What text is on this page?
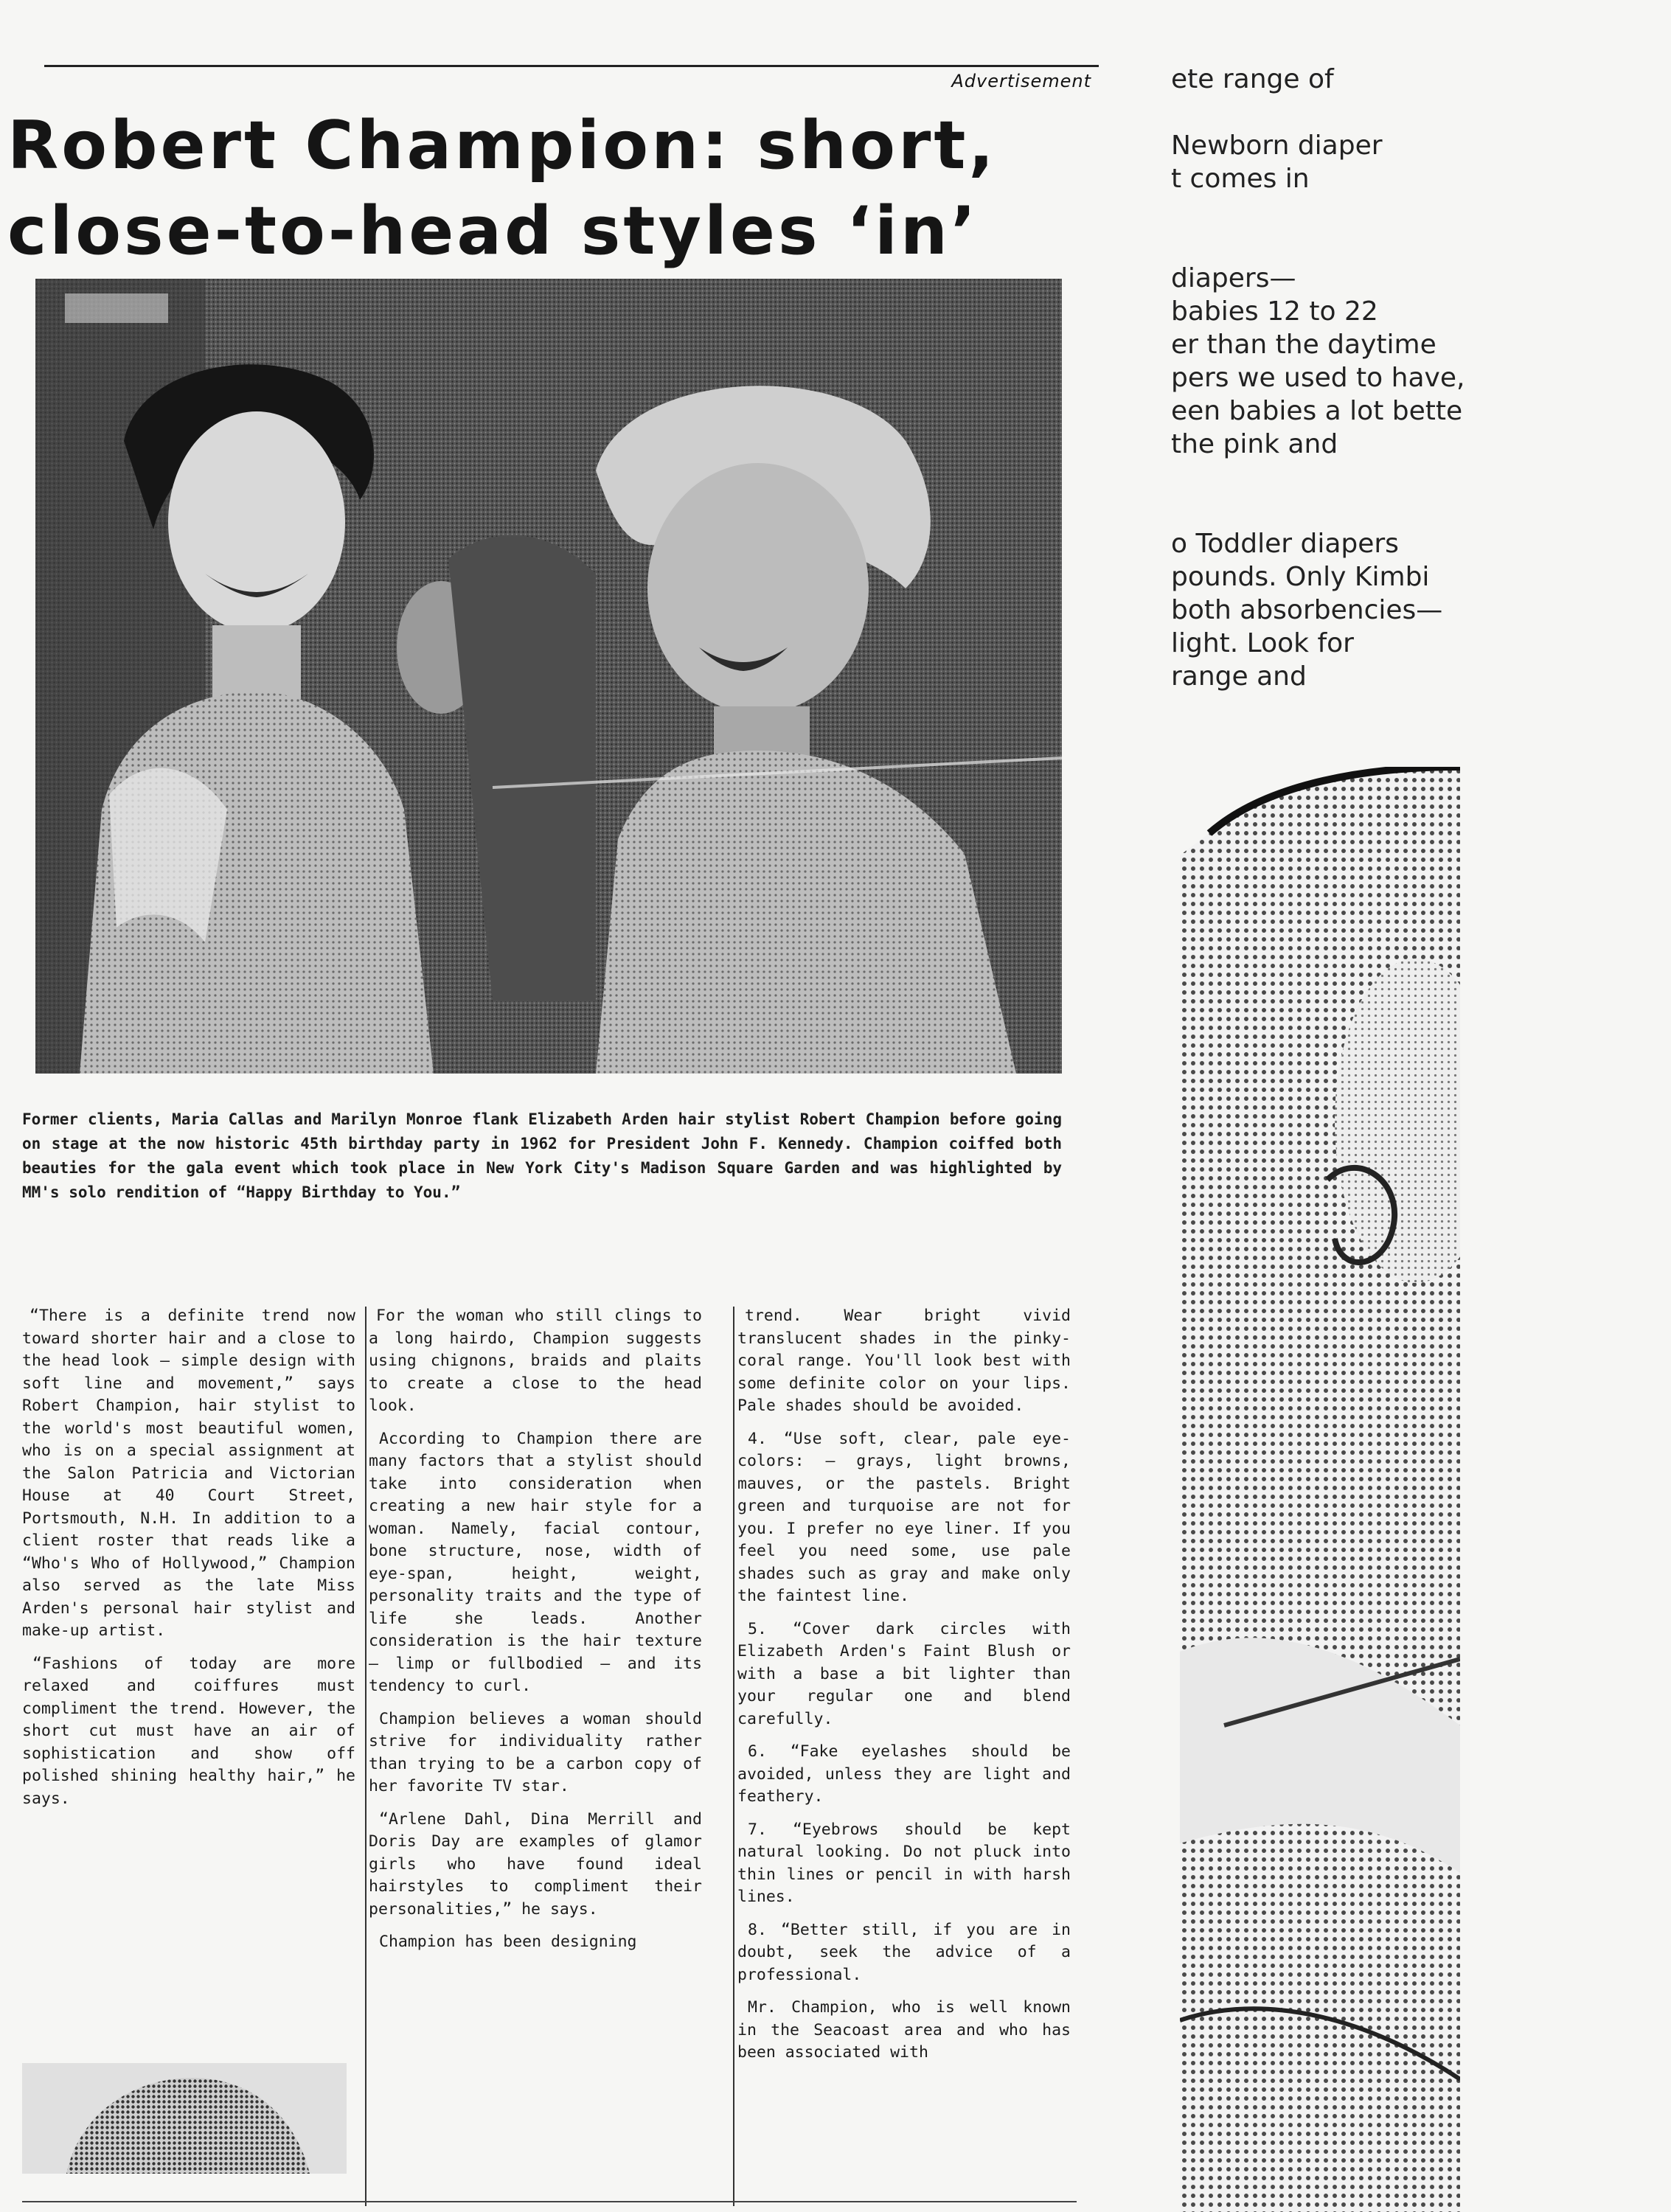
Advertisement
Robert Champion: short,
close-to-head styles ‘in’
Former clients, Maria Callas and Marilyn Monroe flank Elizabeth Arden hair stylist Robert Champion before going on stage at the now historic 45th birthday party in 1962 for President John F. Kennedy. Champion coiffed both beauties for the gala event which took place in New York City's Madison Square Garden and was highlighted by MM's solo rendition of “Happy Birthday to You.”

“There is a definite trend now toward shorter hair and a close to the head look — simple design with soft line and movement,” says Robert Champion, hair stylist to the world's most beautiful women, who is on a special assignment at the Salon Patricia and Victorian House at 40 Court Street, Portsmouth, N.H. In addition to a client roster that reads like a “Who's Who of Hollywood,” Champion also served as the late Miss Arden's personal hair stylist and make-up artist.

“Fashions of today are more relaxed and coiffures must compliment the trend. However, the short cut must have an air of sophistication and show off polished shining healthy hair,” he says.

For the woman who still clings to a long hairdo, Champion suggests using chignons, braids and plaits to create a close to the head look.

According to Champion there are many factors that a stylist should take into consideration when creating a new hair style for a woman. Namely, facial contour, bone structure, nose, width of eye-span, height, weight, personality traits and the type of life she leads. Another consideration is the hair texture — limp or fullbodied — and its tendency to curl.

Champion believes a woman should strive for individuality rather than trying to be a carbon copy of her favorite TV star.

“Arlene Dahl, Dina Merrill and Doris Day are examples of glamor girls who have found ideal hairstyles to compliment their personalities,” he says.

Champion has been designing

trend. Wear bright vivid translucent shades in the pinky-coral range. You'll look best with some definite color on your lips. Pale shades should be avoided.

4. “Use soft, clear, pale eye-colors: — grays, light browns, mauves, or the pastels. Bright green and turquoise are not for you. I prefer no eye liner. If you feel you need some, use pale shades such as gray and make only the faintest line.

5. “Cover dark circles with Elizabeth Arden's Faint Blush or with a base a bit lighter than your regular one and blend carefully.

6. “Fake eyelashes should be avoided, unless they are light and feathery.

7. “Eyebrows should be kept natural looking. Do not pluck into thin lines or pencil in with harsh lines.

8. “Better still, if you are in doubt, seek the advice of a professional.

Mr. Champion, who is well known in the Seacoast area and who has been associated with

ete range of
Newborn diaper
t comes in
diapers—
babies 12 to 22
er than the daytime
pers we used to have,
een babies a lot bette
the pink and
o Toddler diapers
pounds. Only Kimbi
both absorbencies—
light. Look for
range and
